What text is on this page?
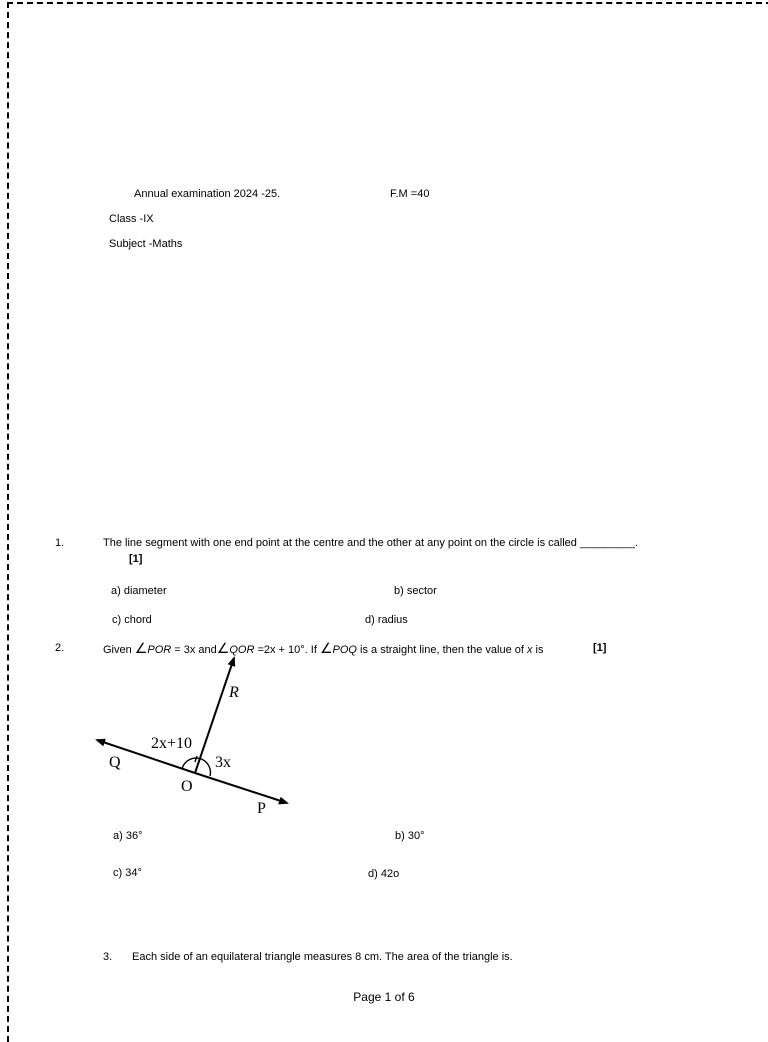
Annual examination 2024 -25.	F.M =40
Class -IX
Subject -Maths
1.	The line segment with one end point at the centre and the other at any point on the circle is called _________.
[1]
a) diameter	b) sector
c) chord	d) radius
2.	Given ∠POR = 3x and∠QOR =2x + 10°. If ∠POQ is a straight line, then the value of x is	[1]
R
Q
O
P
2x+10
3x
a) 36°	b) 30°
c) 34°	d) 42o
3. Each side of an equilateral triangle measures 8 cm. The area of the triangle is.
Page 1 of 6
